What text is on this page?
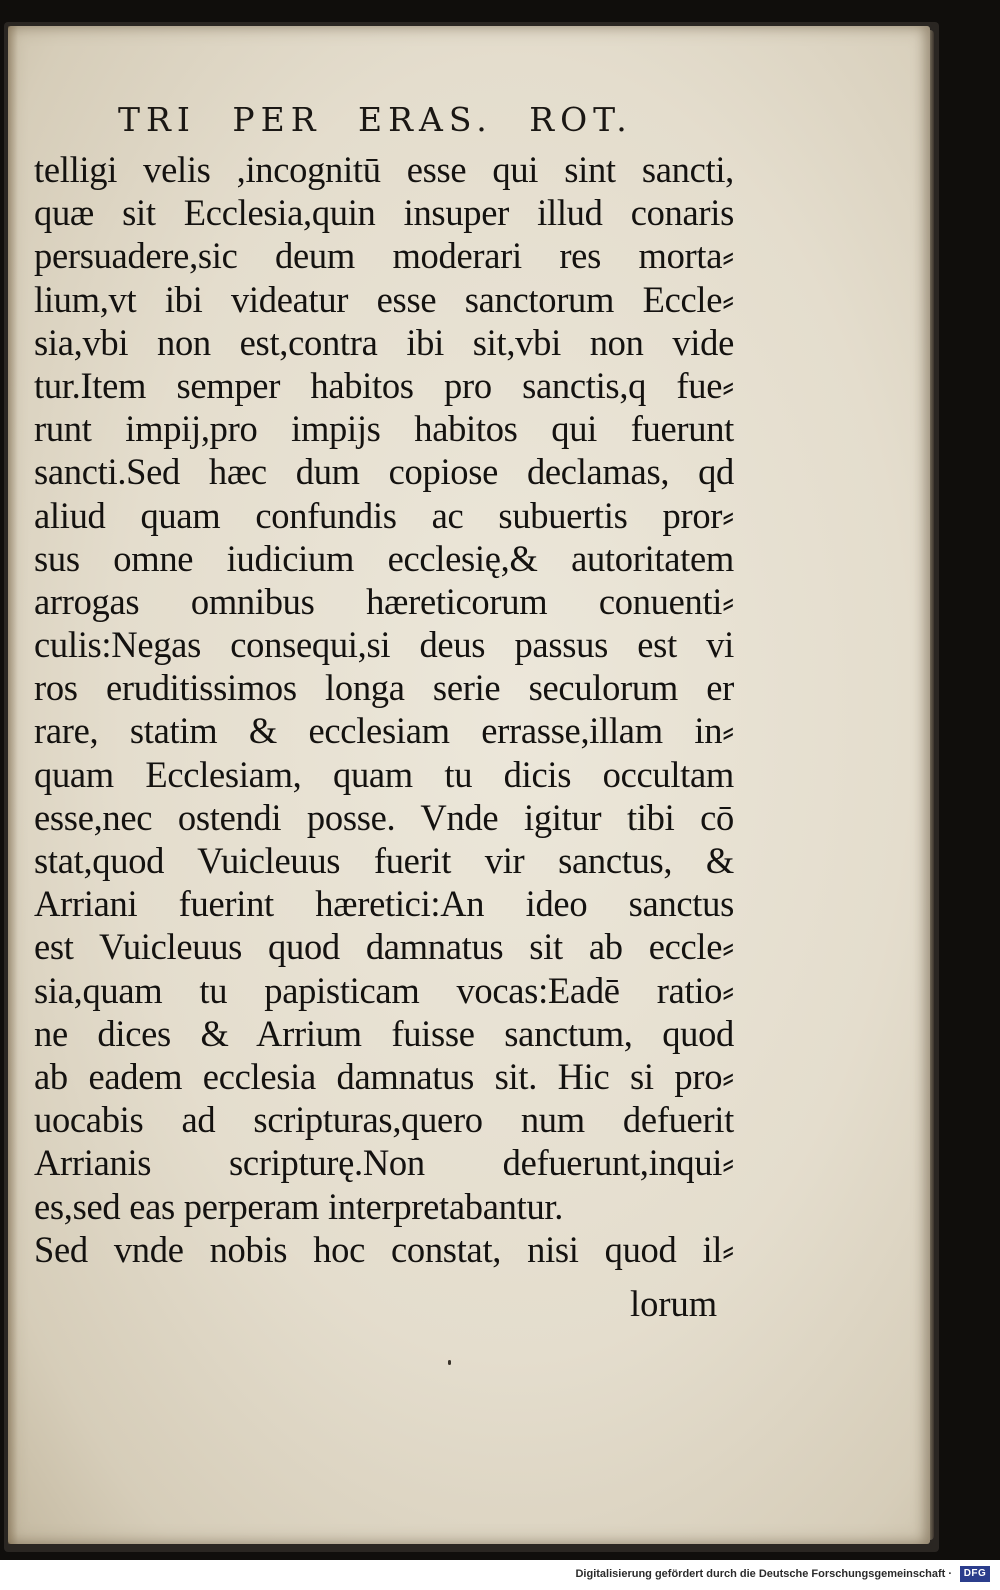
TRI PER ERAS. ROT.
telligi velis ,incognitū esse qui sint sancti,
quæ sit Ecclesia,quin insuper illud conaris
persuadere,sic deum moderari res morta⸗
lium,vt ibi videatur esse sanctorum Eccle⸗
sia,vbi non est,contra ibi sit,vbi non vide
tur.Item semper habitos pro sanctis,q fue⸗
runt impij,pro impijs habitos qui fuerunt
sancti.Sed hæc dum copiose declamas, qd
aliud quam confundis ac subuertis pror⸗
sus omne iudicium ecclesię,& autoritatem
arrogas omnibus hæreticorum conuenti⸗
culis:Negas consequi,si deus passus est vi
ros eruditissimos longa serie seculorum er
rare, statim & ecclesiam errasse,illam in⸗
quam Ecclesiam, quam tu dicis occultam
esse,nec ostendi posse. Vnde igitur tibi cō
stat,quod Vuicleuus fuerit vir sanctus, &
Arriani fuerint hæretici:An ideo sanctus
est Vuicleuus quod damnatus sit ab eccle⸗
sia,quam tu papisticam vocas:Eadē ratio⸗
ne dices & Arrium fuisse sanctum, quod
ab eadem ecclesia damnatus sit. Hic si pro⸗
uocabis ad scripturas,quero num defuerit
Arrianis scripturę.Non defuerunt,inqui⸗
es,sed eas perperam interpretabantur.
Sed vnde nobis hoc constat, nisi quod il⸗
lorum
Digitalisierung gefördert durch die Deutsche Forschungsgemeinschaft ·	DFG
